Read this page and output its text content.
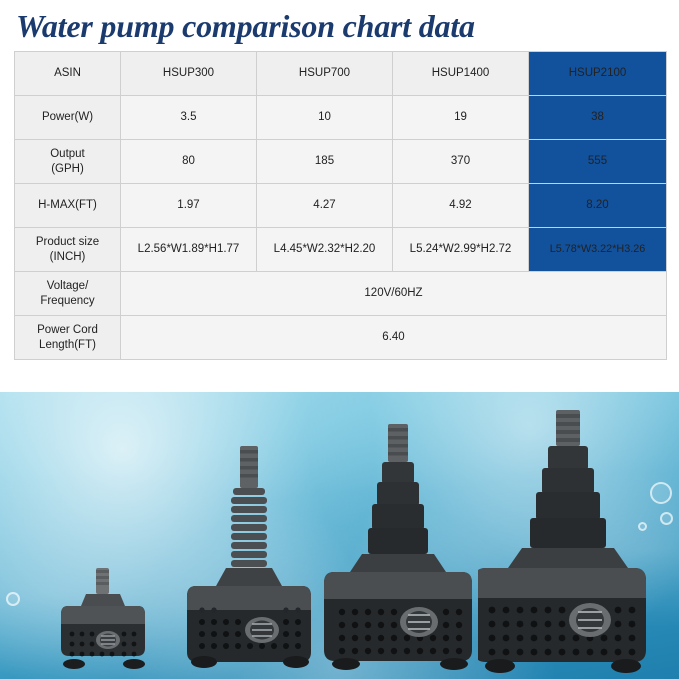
Water pump comparison chart data
ASIN	HSUP300	HSUP700	HSUP1400	HSUP2100
Power(W)	3.5	10	19	38
Output
(GPH)	80	185	370	555
H-MAX(FT)	1.97	4.27	4.92	8.20
Product size
(INCH)	L2.56*W1.89*H1.77	L4.45*W2.32*H2.20	L5.24*W2.99*H2.72	L5.78*W3.22*H3.26
Voltage/
Frequency	120V/60HZ			
Power Cord
Length(FT)	6.40			
